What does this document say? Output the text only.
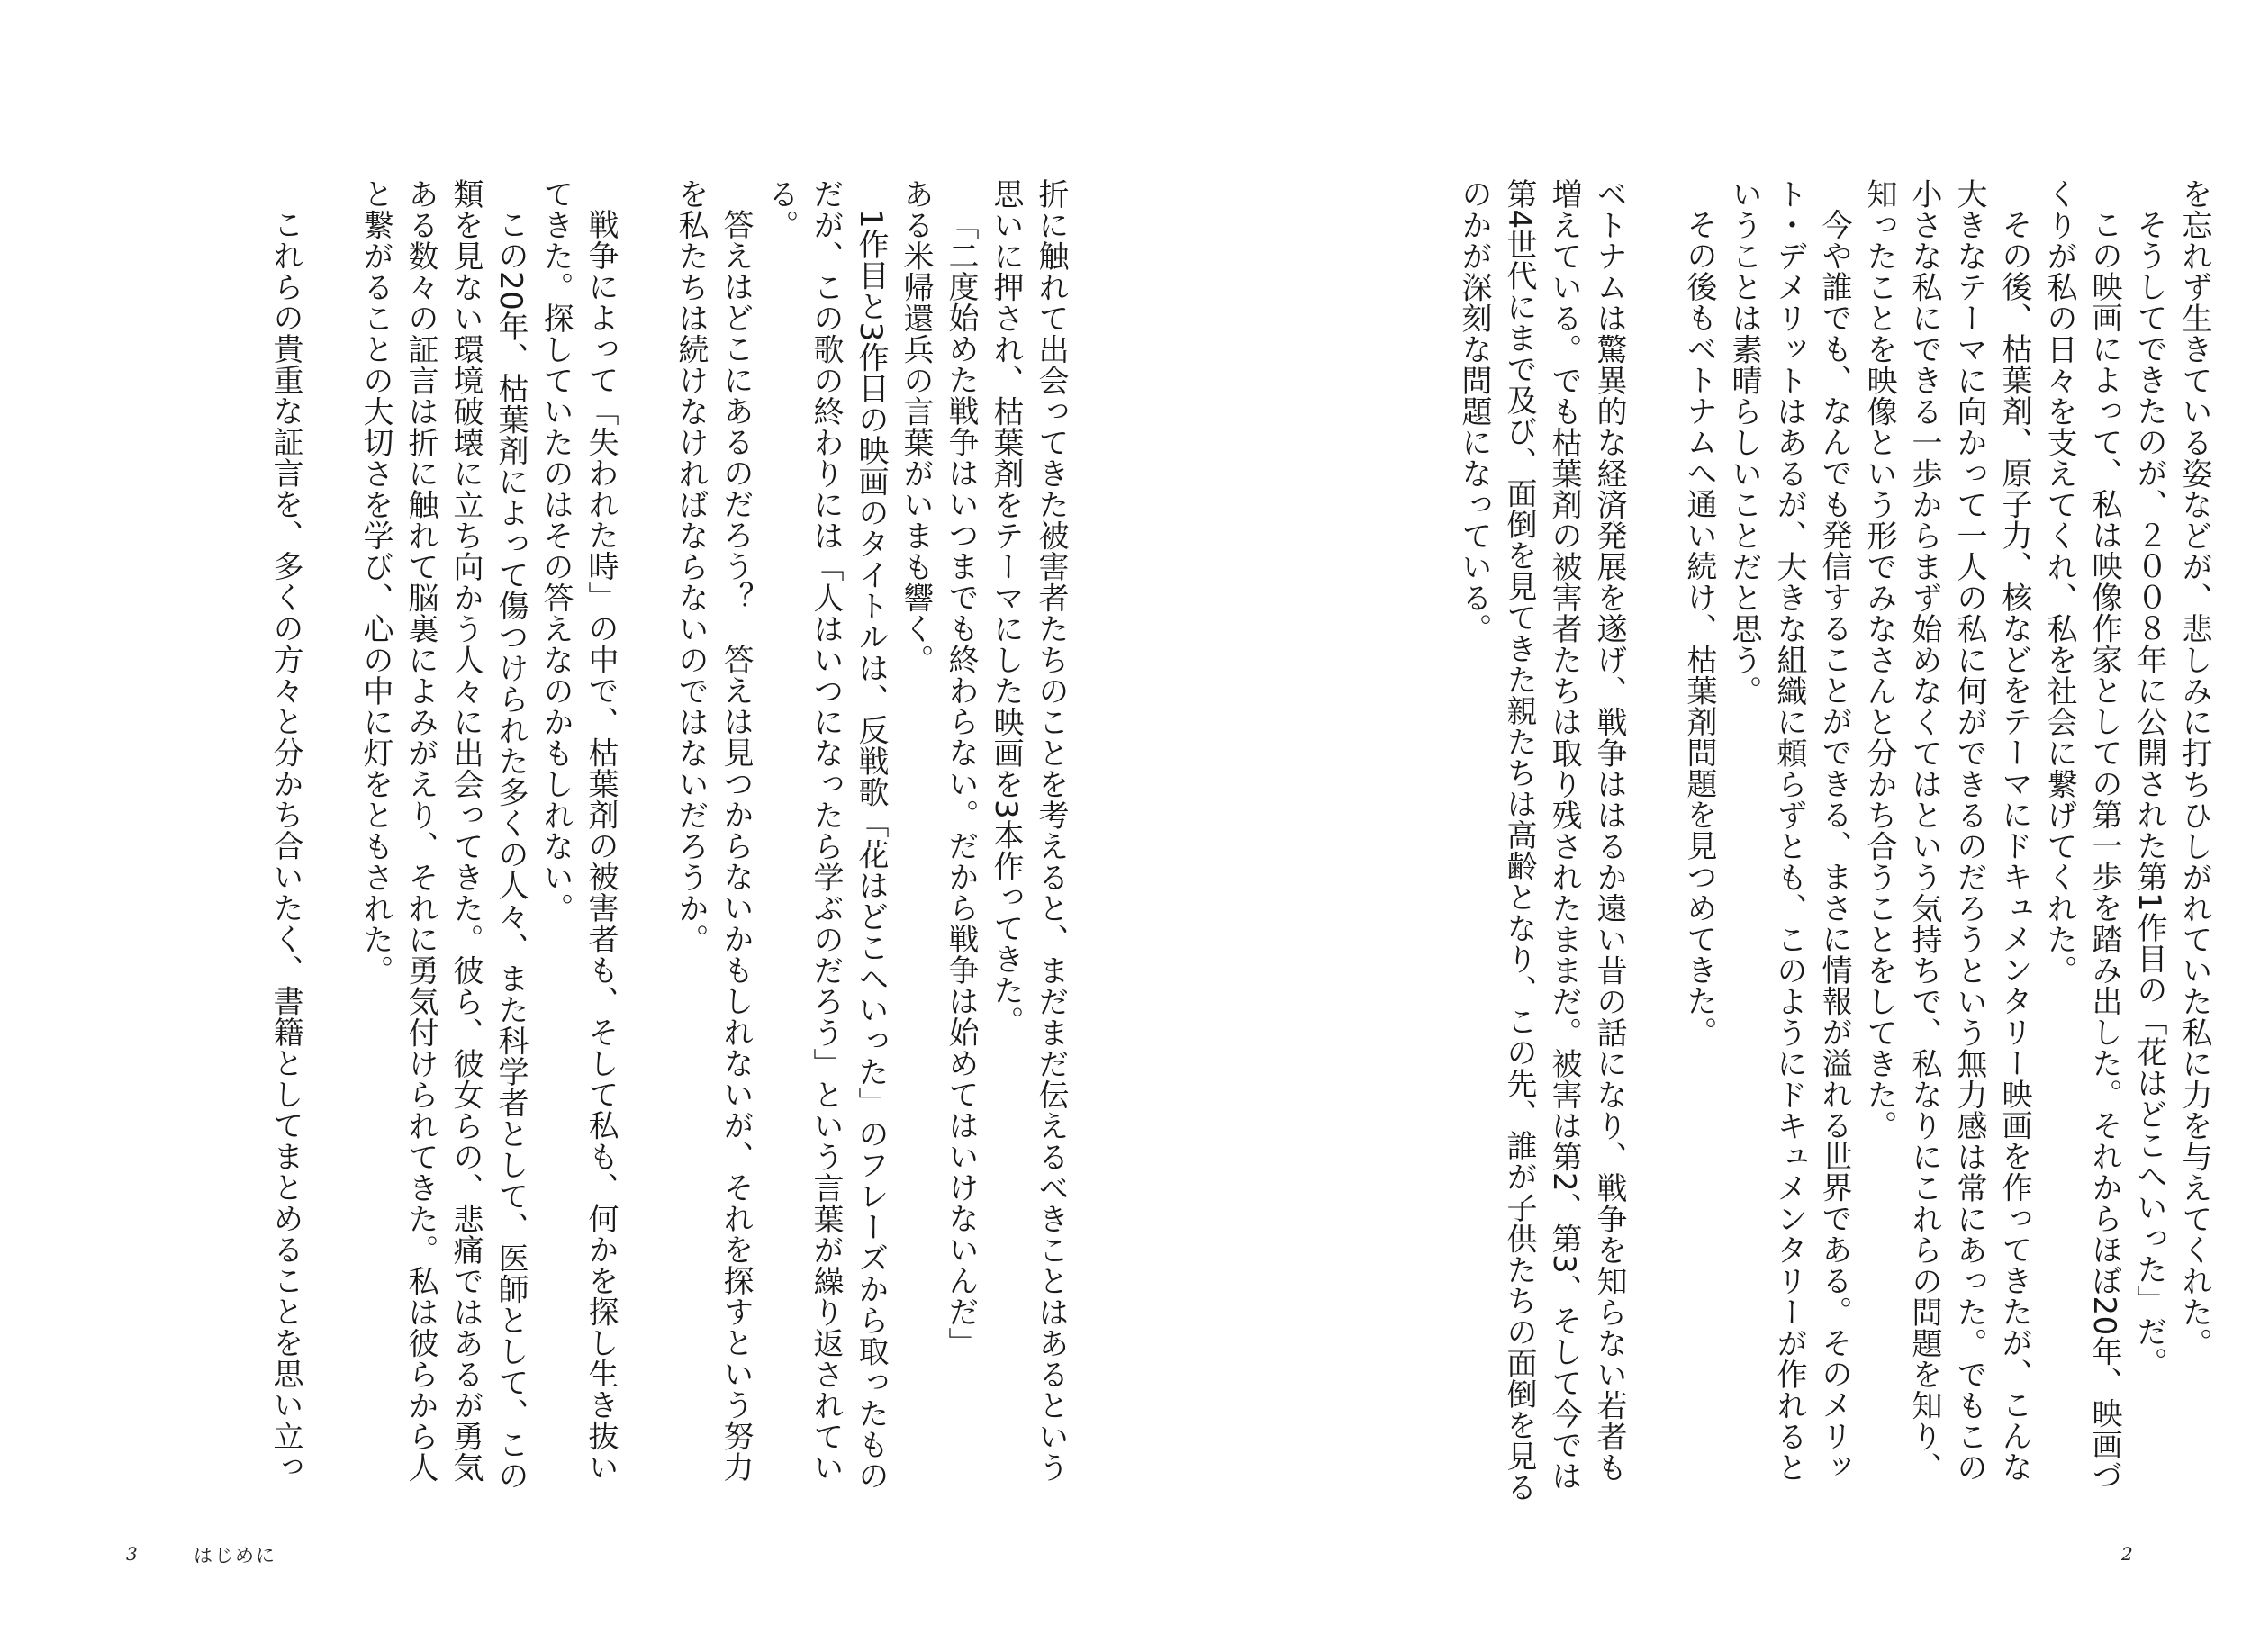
を忘れず生きている姿などが、悲しみに打ちひしがれていた私に力を与えてくれた。

そうしてできたのが、２００８年に公開された第1作目の「花はどこへいった」だ。

この映画によって、私は映像作家としての第一歩を踏み出した。それからほぼ20年、映画づくりが私の日々を支えてくれ、私を社会に繋げてくれた。

その後、枯葉剤、原子力、核などをテーマにドキュメンタリー映画を作ってきたが、こんな大きなテーマに向かって一人の私に何ができるのだろうという無力感は常にあった。でもこの小さな私にできる一歩からまず始めなくてはという気持ちで、私なりにこれらの問題を知り、知ったことを映像という形でみなさんと分かち合うことをしてきた。

今や誰でも、なんでも発信することができる、まさに情報が溢れる世界である。そのメリット・デメリットはあるが、大きな組織に頼らずとも、このようにドキュメンタリーが作れるということは素晴らしいことだと思う。

その後もベトナムへ通い続け、枯葉剤問題を見つめてきた。

ベトナムは驚異的な経済発展を遂げ、戦争ははるか遠い昔の話になり、戦争を知らない若者も増えている。でも枯葉剤の被害者たちは取り残されたままだ。被害は第2、第3、そして今では第4世代にまで及び、面倒を見てきた親たちは高齢となり、この先、誰が子供たちの面倒を見るのかが深刻な問題になっている。

2

折に触れて出会ってきた被害者たちのことを考えると、まだまだ伝えるべきことはあるという思いに押され、枯葉剤をテーマにした映画を3本作ってきた。

「二度始めた戦争はいつまでも終わらない。だから戦争は始めてはいけないんだ」

ある米帰還兵の言葉がいまも響く。

1作目と3作目の映画のタイトルは、反戦歌「花はどこへいった」のフレーズから取ったものだが、この歌の終わりには「人はいつになったら学ぶのだろう」という言葉が繰り返されている。

答えはどこにあるのだろう？　答えは見つからないかもしれないが、それを探すという努力を私たちは続けなければならないのではないだろうか。

戦争によって「失われた時」の中で、枯葉剤の被害者も、そして私も、何かを探し生き抜いてきた。探していたのはその答えなのかもしれない。

この20年、枯葉剤によって傷つけられた多くの人々、また科学者として、医師として、この類を見ない環境破壊に立ち向かう人々に出会ってきた。彼ら、彼女らの、悲痛ではあるが勇気ある数々の証言は折に触れて脳裏によみがえり、それに勇気付けられてきた。私は彼らから人と繋がることの大切さを学び、心の中に灯をともされた。

これらの貴重な証言を、多くの方々と分かち合いたく、書籍としてまとめることを思い立っ

3	はじめに
